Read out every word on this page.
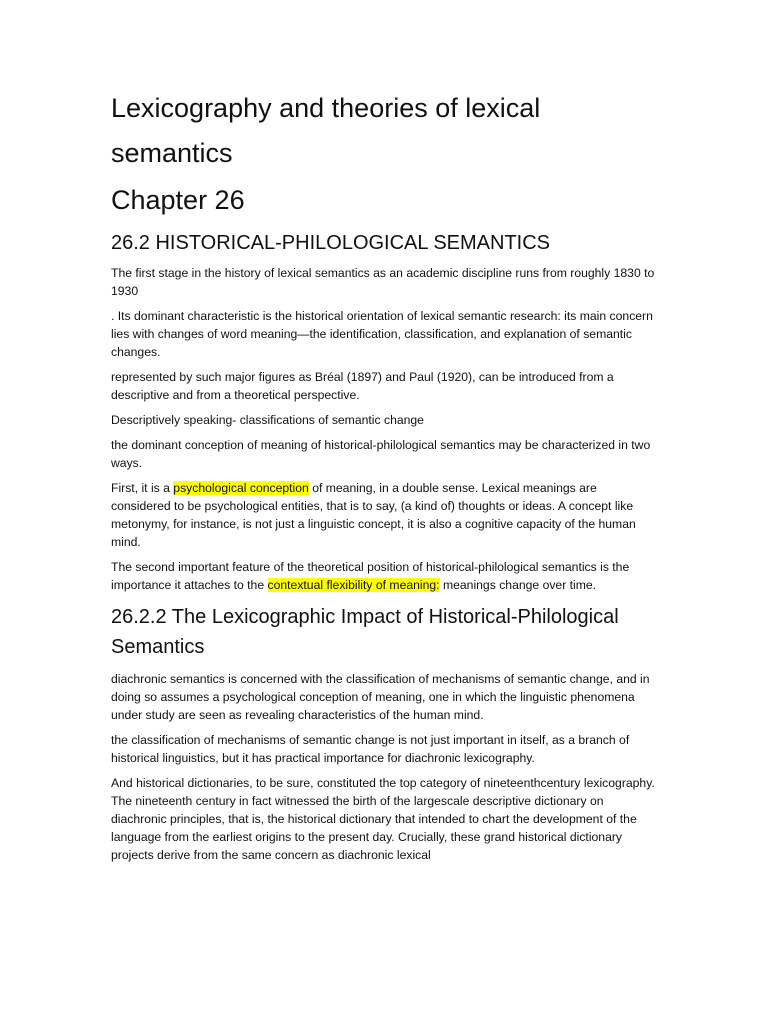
Lexicography and theories of lexical semantics
Chapter 26
26.2 HISTORICAL-PHILOLOGICAL SEMANTICS

The first stage in the history of lexical semantics as an academic discipline runs from roughly 1830 to 1930

. Its dominant characteristic is the historical orientation of lexical semantic research: its main concern lies with changes of word meaning—the identification, classification, and explanation of semantic changes.

represented by such major figures as Bréal (1897) and Paul (1920), can be introduced from a descriptive and from a theoretical perspective.

Descriptively speaking- classifications of semantic change

the dominant conception of meaning of historical-philological semantics may be characterized in two ways.

First, it is a psychological conception of meaning, in a double sense. Lexical meanings are considered to be psychological entities, that is to say, (a kind of) thoughts or ideas. A concept like metonymy, for instance, is not just a linguistic concept, it is also a cognitive capacity of the human mind.

The second important feature of the theoretical position of historical-philological semantics is the importance it attaches to the contextual flexibility of meaning: meanings change over time.

26.2.2 The Lexicographic Impact of Historical-Philological Semantics

diachronic semantics is concerned with the classification of mechanisms of semantic change, and in doing so assumes a psychological conception of meaning, one in which the linguistic phenomena under study are seen as revealing characteristics of the human mind.

the classification of mechanisms of semantic change is not just important in itself, as a branch of historical linguistics, but it has practical importance for diachronic lexicography.

And historical dictionaries, to be sure, constituted the top category of nineteenthcentury lexicography. The nineteenth century in fact witnessed the birth of the largescale descriptive dictionary on diachronic principles, that is, the historical dictionary that intended to chart the development of the language from the earliest origins to the present day. Crucially, these grand historical dictionary projects derive from the same concern as diachronic lexical
